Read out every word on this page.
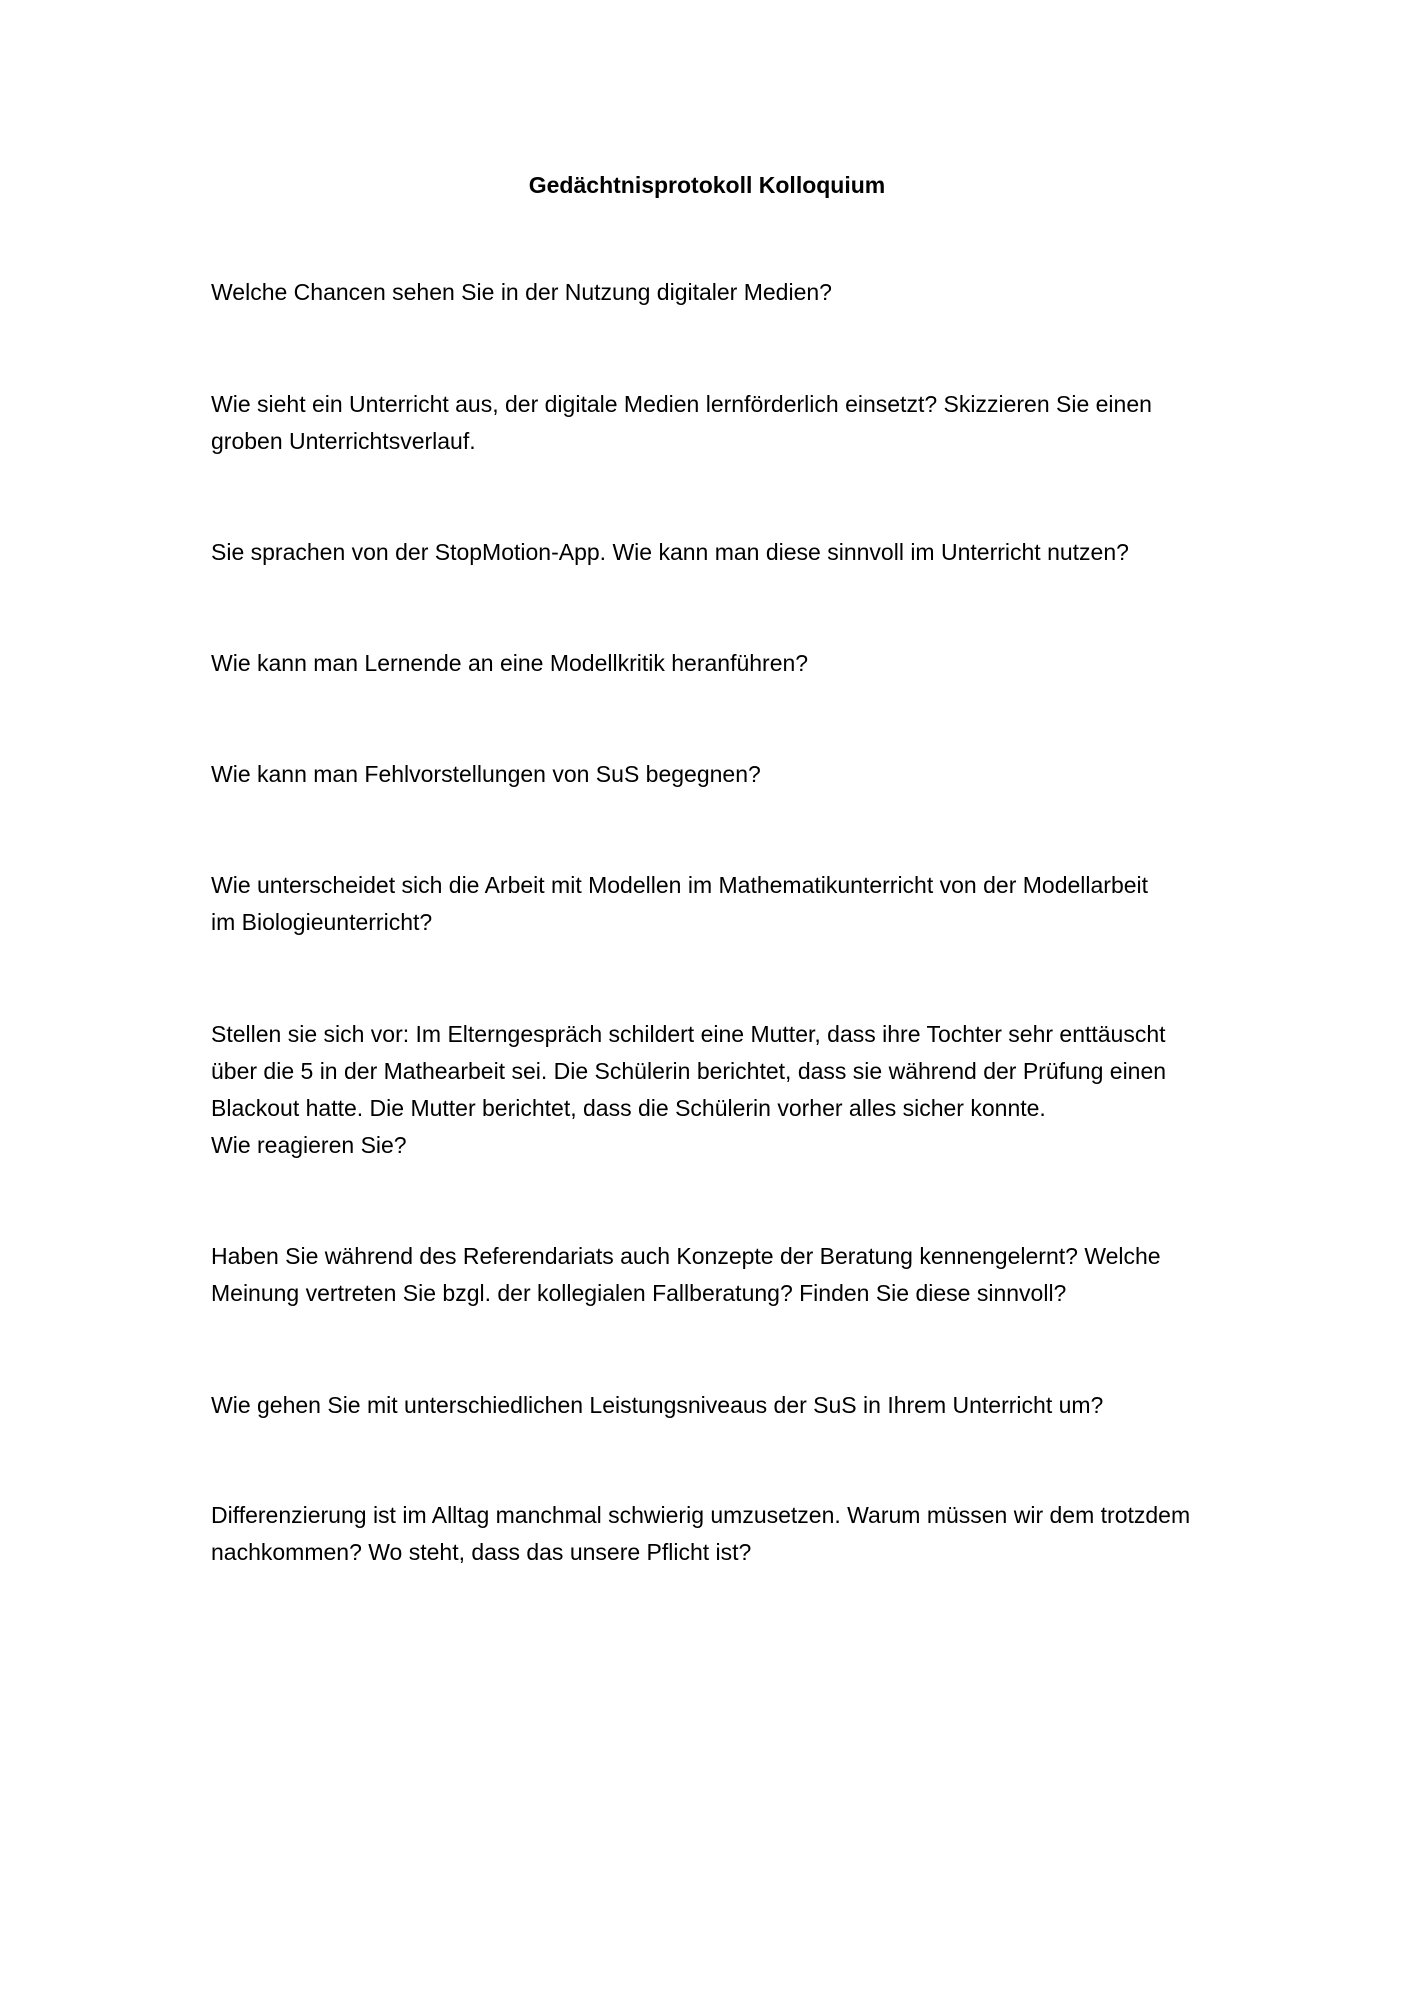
Gedächtnisprotokoll Kolloquium
Welche Chancen sehen Sie in der Nutzung digitaler Medien?
Wie sieht ein Unterricht aus, der digitale Medien lernförderlich einsetzt? Skizzieren Sie einen
groben Unterrichtsverlauf.
Sie sprachen von der StopMotion-App. Wie kann man diese sinnvoll im Unterricht nutzen?
Wie kann man Lernende an eine Modellkritik heranführen?
Wie kann man Fehlvorstellungen von SuS begegnen?
Wie unterscheidet sich die Arbeit mit Modellen im Mathematikunterricht von der Modellarbeit
im Biologieunterricht?
Stellen sie sich vor: Im Elterngespräch schildert eine Mutter, dass ihre Tochter sehr enttäuscht
über die 5 in der Mathearbeit sei. Die Schülerin berichtet, dass sie während der Prüfung einen
Blackout hatte. Die Mutter berichtet, dass die Schülerin vorher alles sicher konnte.
Wie reagieren Sie?
Haben Sie während des Referendariats auch Konzepte der Beratung kennengelernt? Welche
Meinung vertreten Sie bzgl. der kollegialen Fallberatung? Finden Sie diese sinnvoll?
Wie gehen Sie mit unterschiedlichen Leistungsniveaus der SuS in Ihrem Unterricht um?
Differenzierung ist im Alltag manchmal schwierig umzusetzen. Warum müssen wir dem trotzdem
nachkommen? Wo steht, dass das unsere Pflicht ist?
